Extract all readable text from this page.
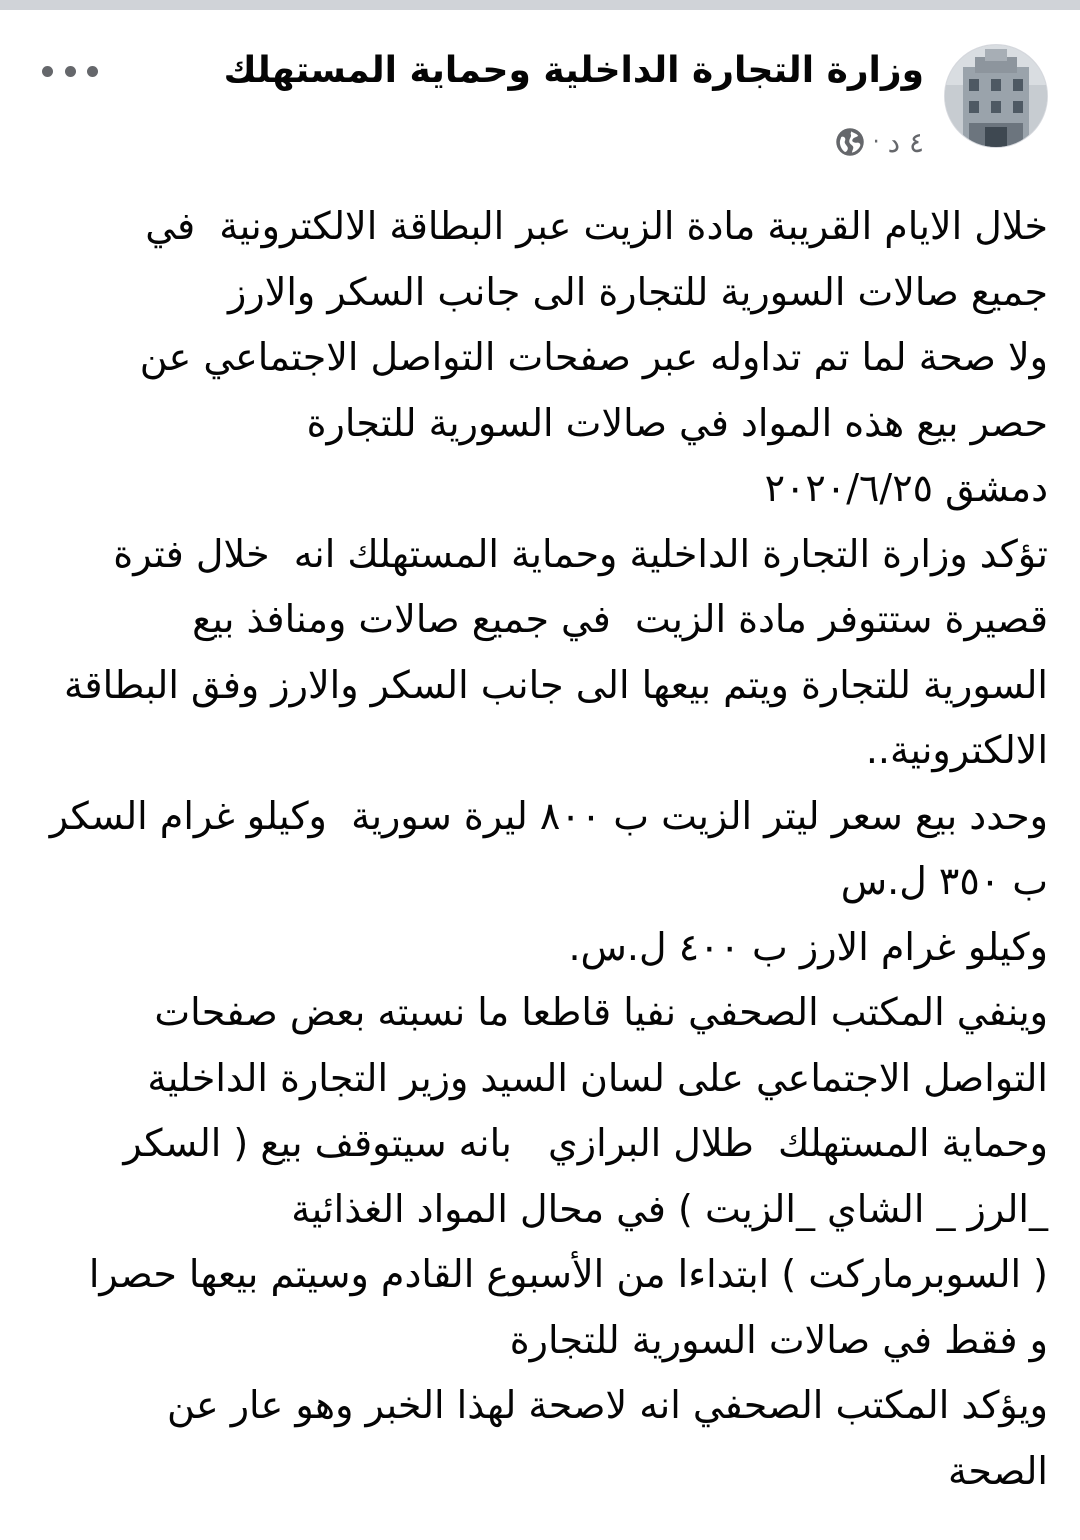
وزارة التجارة الداخلية وحماية المستهلك
٤ د
·

خلال الايام القريبة مادة الزيت عبر البطاقة الالكترونية  في

جميع صالات السورية للتجارة الى جانب السكر والارز

ولا صحة لما تم تداوله عبر صفحات التواصل الاجتماعي عن

حصر بيع هذه المواد في صالات السورية للتجارة

دمشق ٢٠٢٠/٦/٢٥

تؤكد وزارة التجارة الداخلية وحماية المستهلك انه  خلال فترة

قصيرة ستتوفر مادة الزيت  في جميع صالات ومنافذ بيع

السورية للتجارة ويتم بيعها الى جانب السكر والارز وفق البطاقة

الالكترونية..

وحدد بيع سعر ليتر الزيت ب ٨٠٠ ليرة سورية  وكيلو غرام السكر

ب ٣٥٠ ل.س

وكيلو غرام الارز ب ٤٠٠ ل.س.

وينفي المكتب الصحفي نفيا قاطعا ما نسبته بعض صفحات

التواصل الاجتماعي على لسان السيد وزير التجارة الداخلية

وحماية المستهلك  طلال البرازي   بانه سيتوقف بيع ( السكر

_الرز _ الشاي _الزيت ) في محال المواد الغذائية

( السوبرماركت ) ابتداءا من الأسبوع القادم وسيتم بيعها حصرا

و فقط في صالات السورية للتجارة

ويؤكد المكتب الصحفي انه لاصحة لهذا الخبر وهو عار عن

الصحة
